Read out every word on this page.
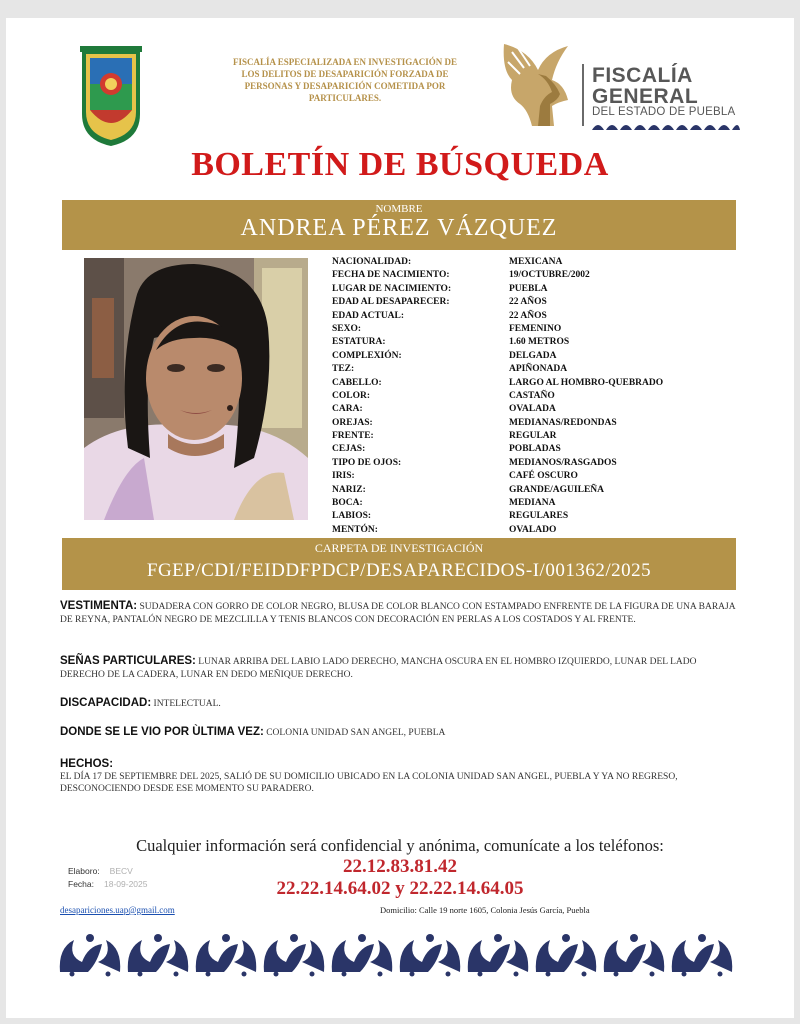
FISCALÍA ESPECIALIZADA EN INVESTIGACIÓN DE
LOS DELITOS DE DESAPARICIÓN FORZADA DE
PERSONAS Y DESAPARICIÓN COMETIDA POR
PARTICULARES.
FISCALÍA
GENERAL
DEL ESTADO DE PUEBLA
BOLETÍN DE BÚSQUEDA
NOMBRE
ANDREA PÉREZ VÁZQUEZ
NACIONALIDAD:	MEXICANA
FECHA DE NACIMIENTO:	19/OCTUBRE/2002
LUGAR DE NACIMIENTO:	PUEBLA
EDAD AL DESAPARECER:	22 AÑOS
EDAD ACTUAL:	22 AÑOS
SEXO:	FEMENINO
ESTATURA:	1.60 METROS
COMPLEXIÓN:	DELGADA
TEZ:	APIÑONADA
CABELLO:	LARGO AL HOMBRO-QUEBRADO
COLOR:	CASTAÑO
CARA:	OVALADA
OREJAS:	MEDIANAS/REDONDAS
FRENTE:	REGULAR
CEJAS:	POBLADAS
TIPO DE OJOS:	MEDIANOS/RASGADOS
IRIS:	CAFÉ OSCURO
NARIZ:	GRANDE/AGUILEÑA
BOCA:	MEDIANA
LABIOS:	REGULARES
MENTÓN:	OVALADO
CARPETA DE INVESTIGACIÓN
FGEP/CDI/FEIDDFPDCP/DESAPARECIDOS-I/001362/2025
VESTIMENTA: SUDADERA CON GORRO DE COLOR NEGRO, BLUSA DE COLOR BLANCO CON ESTAMPADO ENFRENTE DE LA FIGURA DE UNA BARAJA DE REYNA, PANTALÓN NEGRO DE MEZCLILLA Y TENIS BLANCOS CON DECORACIÓN EN PERLAS A LOS COSTADOS Y AL FRENTE.
SEÑAS PARTICULARES: LUNAR ARRIBA DEL LABIO LADO DERECHO, MANCHA OSCURA EN EL HOMBRO IZQUIERDO, LUNAR DEL LADO DERECHO DE LA CADERA, LUNAR EN DEDO MEÑIQUE DERECHO.
DISCAPACIDAD: INTELECTUAL.
DONDE SE LE VIO POR ÙLTIMA VEZ: COLONIA UNIDAD SAN ANGEL, PUEBLA
HECHOS:
EL DÍA 17 DE SEPTIEMBRE DEL 2025, SALIÓ DE SU DOMICILIO UBICADO EN LA COLONIA UNIDAD SAN ANGEL, PUEBLA Y YA NO REGRESO, DESCONOCIENDO DESDE ESE MOMENTO SU PARADERO.
Cualquier información será confidencial y anónima, comunícate a los teléfonos:
22.12.83.81.42
22.22.14.64.02 y 22.22.14.64.05
Elaboro: BECV
Fecha: 18-09-2025
desapariciones.uap@gmail.com	Domicilio: Calle 19 norte 1605, Colonia Jesús García, Puebla
